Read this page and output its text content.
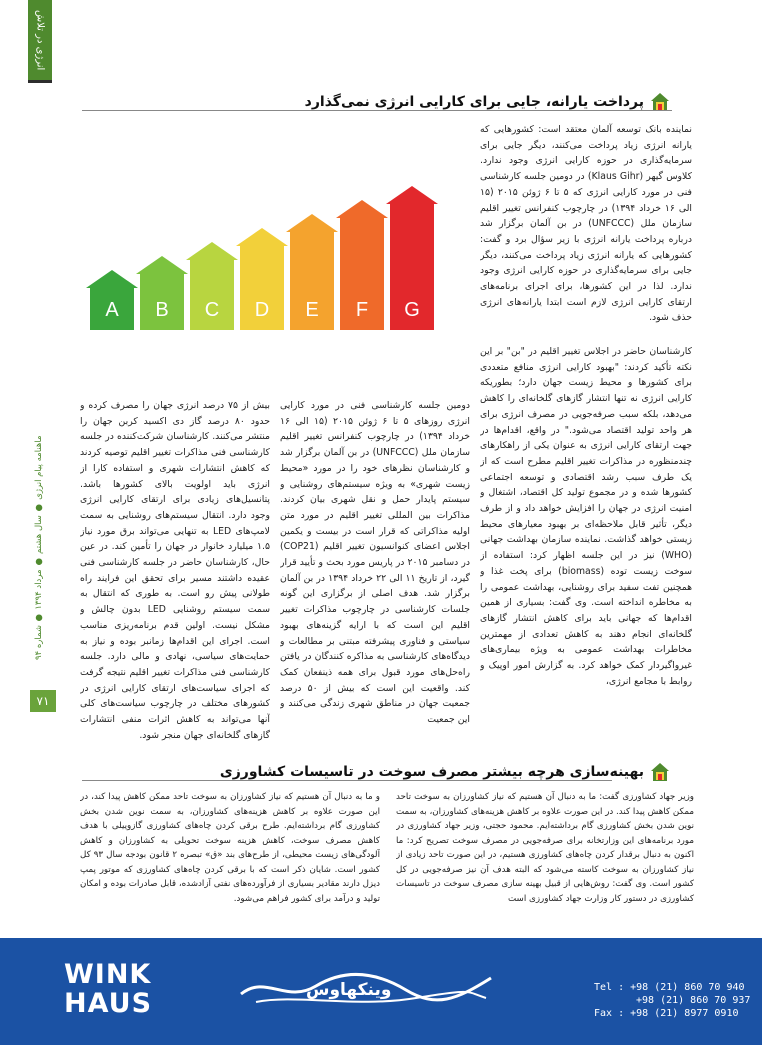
انرژی در تلاش
ماهنامه پیام انرژی ● سال هشتم ● مرداد ۱۳۹۴ ● شماره ۹۴
۷۱
پرداخت یارانه، جایی برای کارایی انرژی نمی‌گذارد
A B C D E F G
نماینده بانک توسعه آلمان معتقد است: کشورهایی که یارانه انرژی زیاد پرداخت می‌کنند، دیگر جایی برای سرمایه‌گذاری در حوزه کارایی انرژی وجود ندارد. کلاوس گیهر (Klaus Gihr) در دومین جلسه کارشناسی فنی در مورد کارایی انرژی که ۵ تا ۶ ژوئن ۲۰۱۵ (۱۵ الی ۱۶ خرداد ۱۳۹۴) در چارچوب کنفرانس تغییر اقلیم سازمان ملل (UNFCCC) در بن آلمان برگزار شد درباره پرداخت یارانه انرژی با زیر سؤال برد و گفت: کشورهایی که یارانه انرژی زیاد پرداخت می‌کنند، دیگر جایی برای سرمایه‌گذاری در حوزه کارایی انرژی وجود ندارد. لذا در این کشورها، برای اجرای برنامه‌های ارتقای کارایی انرژی لازم است ابتدا یارانه‌های انرژی حذف شود.
کارشناسان حاضر در اجلاس تغییر اقلیم در "بن" بر این نکته تأکید کردند: "بهبود کارایی انرژی منافع متعددی برای کشورها و محیط زیست جهان دارد؛ بطوریکه کارایی انرژی نه تنها انتشار گازهای گلخانه‌ای را کاهش می‌دهد، بلکه سبب صرفه‌جویی در مصرف انرژی برای هر واحد تولید اقتصاد می‌شود." در واقع، اقدام‌ها در جهت ارتقای کارایی انرژی به عنوان یکی از راهکارهای چندمنظوره در مذاکرات تغییر اقلیم مطرح است که از یک طرف سبب رشد اقتصادی و توسعه اجتماعی کشورها شده و در مجموع تولید کل اقتصاد، اشتغال و امنیت انرژی در جهان را افزایش خواهد داد و از طرف دیگر، تأثیر قابل ملاحظه‌ای بر بهبود معیارهای محیط زیستی خواهد گذاشت. نماینده سازمان بهداشت جهانی (WHO) نیز در این جلسه اظهار کرد: استفاده از سوخت زیست توده (biomass) برای پخت غذا و همچنین تفت سفید برای روشنایی، بهداشت عمومی را به مخاطره انداخته است. وی گفت: بسیاری از همین اقدام‌ها که جهانی باید برای کاهش انتشار گازهای گلخانه‌ای انجام دهند به کاهش تعدادی از مهمترین مخاطرات بهداشت عمومی به ویژه بیماری‌های غیرواگیردار کمک خواهد کرد. به گزارش امور اوپیک و روابط با مجامع انرژی،
دومین جلسه کارشناسی فنی در مورد کارایی انرژی روزهای ۵ تا ۶ ژوئن ۲۰۱۵ (۱۵ الی ۱۶ خرداد ۱۳۹۴) در چارچوب کنفرانس تغییر اقلیم سازمان ملل (UNFCCC) در بن آلمان برگزار شد و کارشناسان نظرهای خود را در مورد «محیط زیست شهری» به ویژه سیستم‌های روشنایی و سیستم پایدار حمل و نقل شهری بیان کردند. مذاکرات بین المللی تغییر اقلیم در مورد متن اولیه مذاکراتی که قرار است در بیست و یکمین اجلاس اعضای کنوانسیون تغییر اقلیم (COP21) در دسامبر ۲۰۱۵ در پاریس مورد بحث و تأیید قرار گیرد، از تاریخ ۱۱ الی ۲۲ خرداد ۱۳۹۴ در بن آلمان برگزار شد. هدف اصلی از برگزاری این گونه جلسات کارشناسی در چارچوب مذاکرات تغییر اقلیم این است که با ارایه گزینه‌های بهبود سیاستی و فناوری پیشرفته مبتنی بر مطالعات و دیدگاه‌های کارشناسی به مذاکره کنندگان در یافتن راه‌حل‌های مورد قبول برای همه ذینفعان کمک کند. واقعیت این است که بیش از ۵۰ درصد جمعیت جهان در مناطق شهری زندگی می‌کنند و این جمعیت
بیش از ۷۵ درصد انرژی جهان را مصرف کرده و حدود ۸۰ درصد گاز دی اکسید کربن جهان را منتشر می‌کنند. کارشناسان شرکت‌کننده در جلسه کارشناسی فنی مذاکرات تغییر اقلیم توصیه کردند که کاهش انتشارات شهری و استفاده کارا از انرژی باید اولویت بالای کشورها باشد. پتانسیل‌های زیادی برای ارتقای کارایی انرژی وجود دارد. انتقال سیستم‌های روشنایی به سمت لامپ‌های LED به تنهایی می‌تواند برق مورد نیاز ۱.۵ میلیارد خانوار در جهان را تأمین کند. در عین حال، کارشناسان حاضر در جلسه کارشناسی فنی عقیده داشتند مسیر برای تحقق این فرایند راه طولانی پیش رو است. به طوری که انتقال به سمت سیستم روشنایی LED بدون چالش و مشکل نیست. اولین قدم برنامه‌ریزی مناسب است. اجرای این اقدام‌ها زمانبر بوده و نیاز به حمایت‌های سیاسی، نهادی و مالی دارد. جلسه کارشناسی فنی مذاکرات تغییر اقلیم نتیجه گرفت که اجرای سیاست‌های ارتقای کارایی انرژی در کشورهای مختلف در چارچوب سیاست‌های کلی آنها می‌تواند به کاهش اثرات منفی انتشارات گازهای گلخانه‌ای جهان منجر شود.
بهینه‌سازی هرچه بیشتر مصرف سوخت در تاسیسات کشاورزی
وزیر جهاد کشاورزی گفت: ما به دنبال آن هستیم که نیاز کشاورزان به سوخت تاحد ممکن کاهش پیدا کند. در این صورت علاوه بر کاهش هزینه‌های کشاورزان، به سمت نوین شدن بخش کشاورزی گام برداشته‌ایم. محمود حجتی، وزیر جهاد کشاورزی در مورد برنامه‌های این وزارتخانه برای صرفه‌جویی در مصرف سوخت تصریح کرد: ما اکنون به دنبال برقدار کردن چاه‌های کشاورزی هستیم، در این صورت تاحد زیادی از نیاز کشاورزان به سوخت کاسته می‌شود که البته هدف آن نیز صرفه‌جویی در کل کشور است. وی گفت: روش‌هایی از قبیل بهینه سازی مصرف سوخت در تاسیسات کشاورزی در دستور کار وزارت جهاد کشاورزی است
و ما به دنبال آن هستیم که نیاز کشاورزان به سوخت تاحد ممکن کاهش پیدا کند، در این صورت علاوه بر کاهش هزینه‌های کشاورزان، به سمت نوین شدن بخش کشاورزی گام برداشته‌ایم. طرح برقی کردن چاه‌های کشاورزی گازوییلی با هدف کاهش مصرف سوخت، کاهش هزینه سوخت تحویلی به کشاورزان و کاهش آلودگی‌های زیست محیطی، از طرح‌های بند «ق» تبصره ۲ قانون بودجه سال ۹۳ کل کشور است. شایان ذکر است که با برقی کردن چاه‌های کشاورزی که موتور پمپ دیزل دارند مقادیر بسیاری از فرآورده‌های نفتی آزادشده، قابل صادرات بوده و امکان تولید و درآمد برای کشور فراهم می‌شود.
WINK
HAUS	وینکهاوس	Tel : +98 (21) 860 70 940
+98 (21) 860 70 937
Fax : +98 (21) 8977 0910
